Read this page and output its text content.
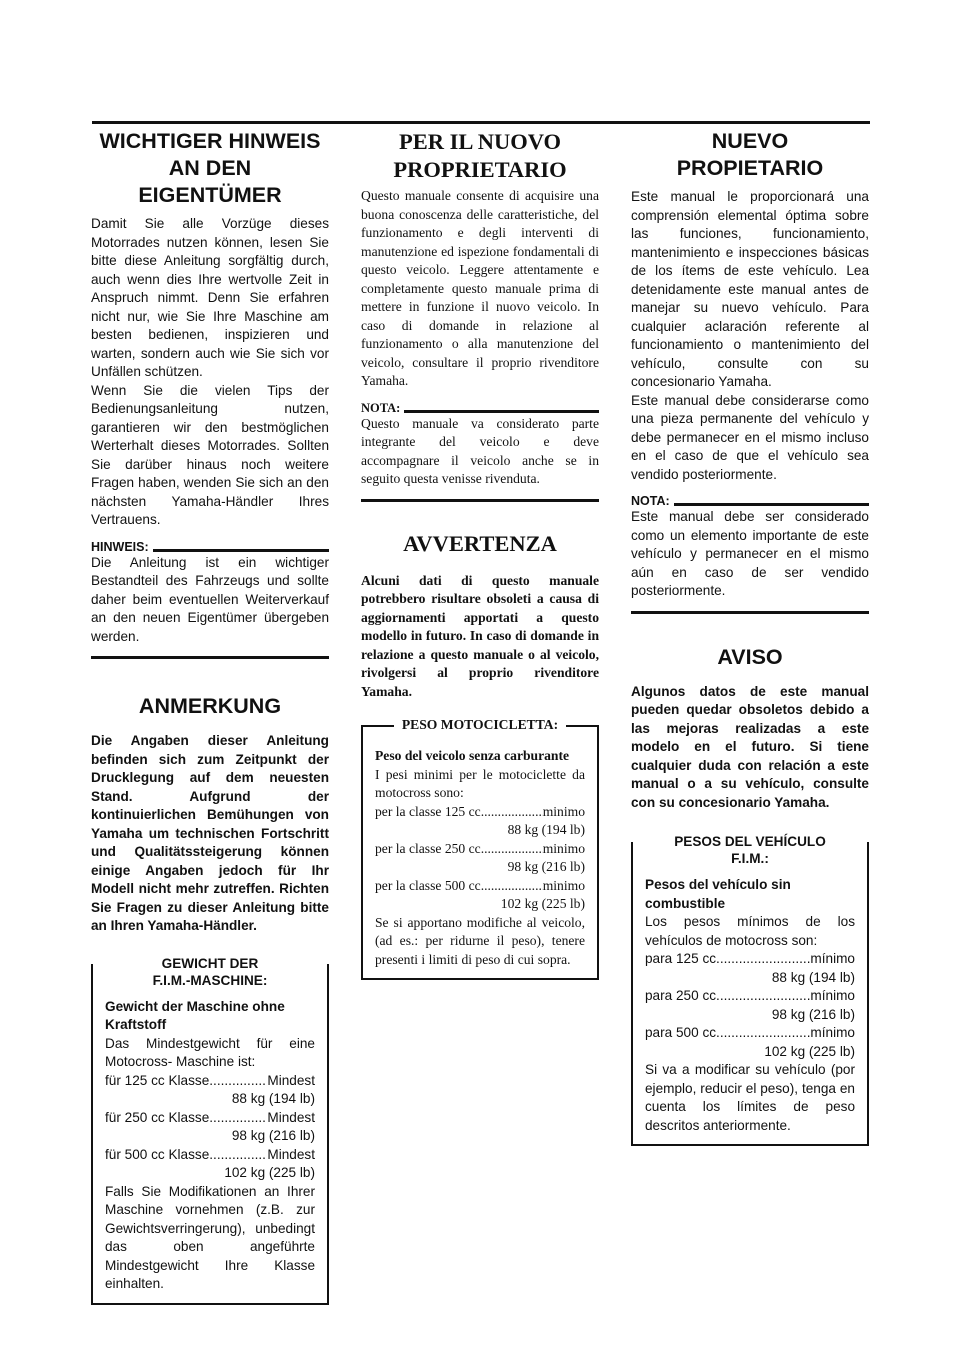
WICHTIGER HINWEIS
AN DEN
EIGENTÜMER

Damit Sie alle Vorzüge dieses Motorrades nutzen können, lesen Sie bitte diese Anleitung sorgfältig durch, auch wenn dies Ihre wertvolle Zeit in Anspruch nimmt. Denn Sie erfahren nicht nur, wie Sie Ihre Maschine am besten bedienen, inspizieren und warten, sondern auch wie Sie sich vor Unfällen schützen.

Wenn Sie die vielen Tips der Bedienungsanleitung nutzen, garantieren wir den bestmöglichen Werterhalt dieses Motorrades. Sollten Sie darüber hinaus noch weitere Fragen haben, wenden Sie sich an den nächsten Yamaha-Händler Ihres Vertrauens.

HINWEIS:

Die Anleitung ist ein wichtiger Bestandteil des Fahrzeugs und sollte daher beim eventuellen Weiterverkauf an den neuen Eigentümer übergeben werden.

ANMERKUNG

Die Angaben dieser Anleitung befinden sich zum Zeitpunkt der Drucklegung auf dem neuesten Stand. Aufgrund der kontinuierlichen Bemühungen von Yamaha um technischen Fortschritt und Qualitätssteigerung können einige Angaben jedoch für Ihr Modell nicht mehr zutreffen. Richten Sie Fragen zu dieser Anleitung bitte an Ihren Yamaha-Händler.

GEWICHT DERF.I.M.-MASCHINE:

Gewicht der Maschine ohne Kraftstoff

Das Mindestgewicht für eine Motocross- Maschine ist:

für 125 cc Klasse .....	Mindest
88 kg (194 lb)
für 250 cc Klasse .....	Mindest
98 kg (216 lb)
für 500 cc Klasse .....	Mindest
102 kg (225 lb)

Falls Sie Modifikationen an Ihrer Maschine vornehmen (z.B. zur Gewichtsverringerung), unbedingt das oben angeführte Mindestgewicht Ihre Klasse einhalten.

PER IL NUOVO
PROPRIETARIO

Questo manuale consente di acquisire una buona conoscenza delle caratteristiche, del funzionamento e degli interventi di manutenzione ed ispezione fondamentali di questo veicolo. Leggere attentamente e completamente questo manuale prima di mettere in funzione il nuovo veicolo. In caso di domande in relazione al funzionamento o alla manutenzione del veicolo, consultare il proprio rivenditore Yamaha.

NOTA:

Questo manuale va considerato parte integrante del veicolo e deve accompagnare il veicolo anche se in seguito questa venisse rivenduta.

AVVERTENZA

Alcuni dati di questo manuale potrebbero risultare obsoleti a causa di aggiornamenti apportati a questo modello in futuro. In caso di domande in relazione a questo manuale o al veicolo, rivolgersi al proprio rivenditore Yamaha.

PESO MOTOCICLETTA:

Peso del veicolo senza carburante

I pesi minimi per le motociclette da motocross sono:

per la classe 125 cc .....	minimo
88 kg (194 lb)
per la classe 250 cc .....	minimo
98 kg (216 lb)
per la classe 500 cc .....	minimo
102 kg (225 lb)

Se si apportano modifiche al veicolo, (ad es.: per ridurne il peso), tenere presenti i limiti di peso di cui sopra.

NUEVO
PROPIETARIO

Este manual le proporcionará una comprensión elemental óptima sobre las funciones, funcionamiento, mantenimiento e inspecciones básicas de los ítems de este vehículo. Lea detenidamente este manual antes de manejar su nuevo vehículo. Para cualquier aclaración referente al funcionamiento o mantenimiento del vehículo, consulte con su concesionario Yamaha.

Este manual debe considerarse como una pieza permanente del vehículo y debe permanecer en el mismo incluso en el caso de que el vehículo sea vendido posteriormente.

NOTA:

Este manual debe ser considerado como un elemento importante de este vehículo y permanecer en el mismo aún en caso de ser vendido posteriormente.

AVISO

Algunos datos de este manual pueden quedar obsoletos debido a las mejoras realizadas a este modelo en el futuro. Si tiene cualquier duda con relación a este manual o a su vehículo, consulte con su concesionario Yamaha.

PESOS DEL VEHÍCULOF.I.M.:

Pesos del vehículo sin combustible

Los pesos mínimos de los vehículos de motocross son:

para 125 cc .....	mínimo
88 kg (194 lb)
para 250 cc .....	mínimo
98 kg (216 lb)
para 500 cc .....	mínimo
102 kg (225 lb)

Si va a modificar su vehículo (por ejemplo, reducir el peso), tenga en cuenta los límites de peso descritos anteriormente.
